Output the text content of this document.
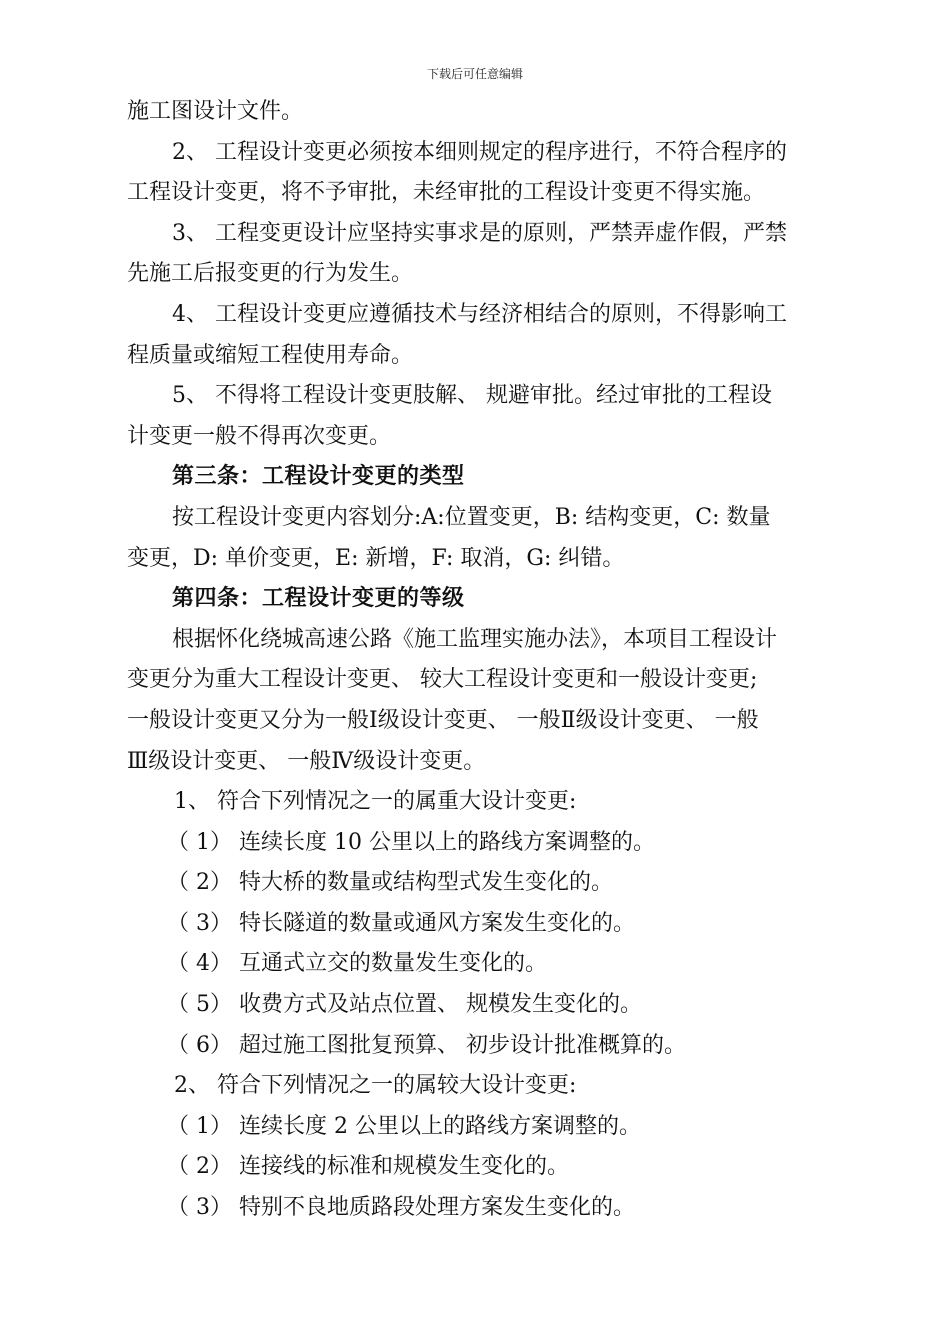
下载后可任意编辑
施工图设计文件。
2、 工程设计变更必须按本细则规定的程序进行，不符合程序的
工程设计变更，将不予审批，未经审批的工程设计变更不得实施。
3、 工程变更设计应坚持实事求是的原则，严禁弄虚作假，严禁
先施工后报变更的行为发生。
4、 工程设计变更应遵循技术与经济相结合的原则，不得影响工
程质量或缩短工程使用寿命。
5、 不得将工程设计变更肢解、 规避审批。经过审批的工程设
计变更一般不得再次变更。
第三条：工程设计变更的类型
按工程设计变更内容划分:A:位置变更，B: 结构变更，C: 数量
变更，D: 单价变更，E: 新增，F: 取消，G: 纠错。
第四条：工程设计变更的等级
根据怀化绕城高速公路《施工监理实施办法》，本项目工程设计
变更分为重大工程设计变更、 较大工程设计变更和一般设计变更;
一般设计变更又分为一般Ⅰ级设计变更、 一般Ⅱ级设计变更、 一般
Ⅲ级设计变更、 一般Ⅳ级设计变更。
1、 符合下列情况之一的属重大设计变更:
（ 1） 连续长度 10 公里以上的路线方案调整的。
（ 2） 特大桥的数量或结构型式发生变化的。
（ 3） 特长隧道的数量或通风方案发生变化的。
（ 4） 互通式立交的数量发生变化的。
（ 5） 收费方式及站点位置、 规模发生变化的。
（ 6） 超过施工图批复预算、 初步设计批准概算的。
2、 符合下列情况之一的属较大设计变更:
（ 1） 连续长度 2 公里以上的路线方案调整的。
（ 2） 连接线的标准和规模发生变化的。
（ 3） 特别不良地质路段处理方案发生变化的。
